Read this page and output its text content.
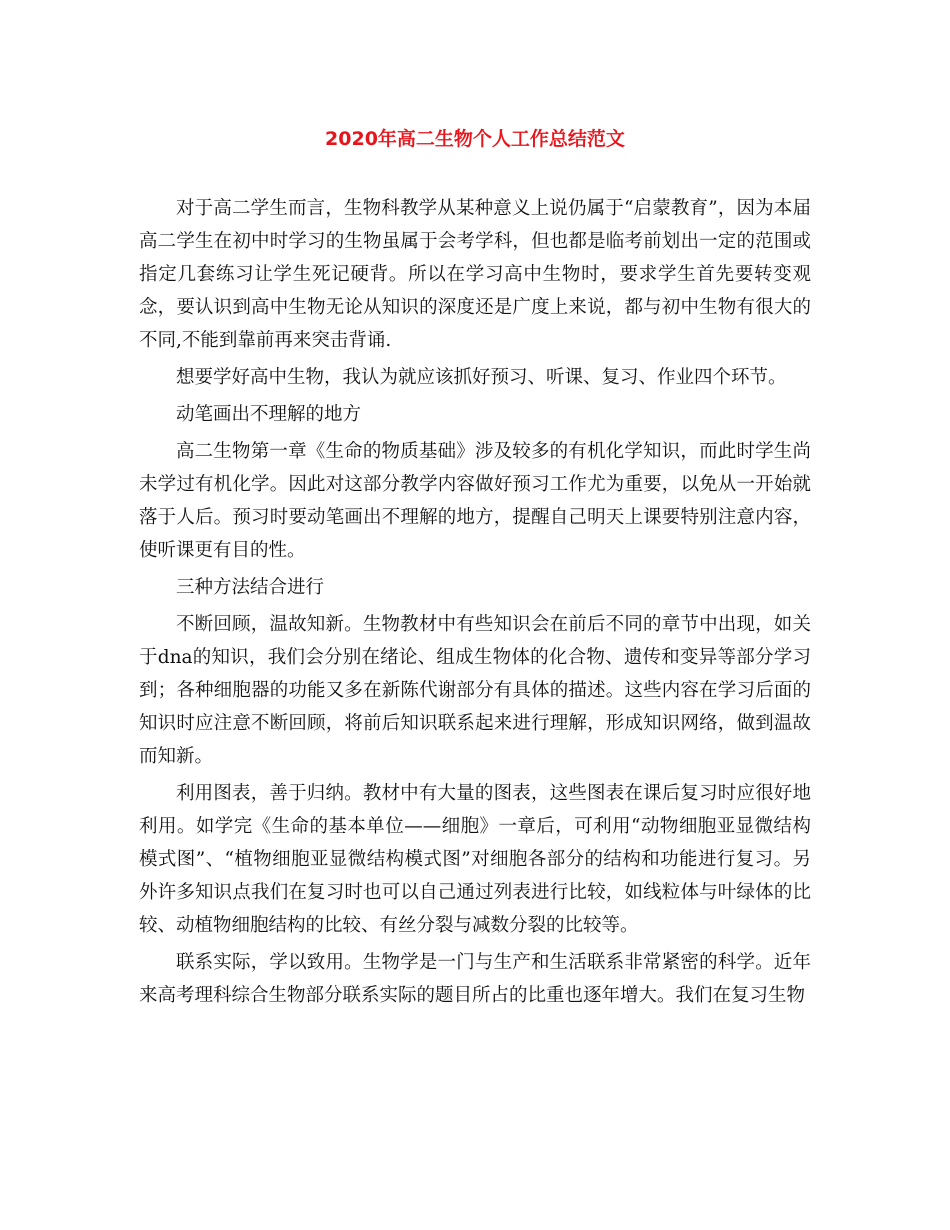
2020年高二生物个人工作总结范文

对于高二学生而言，生物科教学从某种意义上说仍属于“启蒙教育”，因为本届高二学生在初中时学习的生物虽属于会考学科，但也都是临考前划出一定的范围或指定几套练习让学生死记硬背。所以在学习高中生物时，要求学生首先要转变观念，要认识到高中生物无论从知识的深度还是广度上来说，都与初中生物有很大的不同,不能到靠前再来突击背诵.

想要学好高中生物，我认为就应该抓好预习、听课、复习、作业四个环节。

动笔画出不理解的地方

高二生物第一章《生命的物质基础》涉及较多的有机化学知识，而此时学生尚未学过有机化学。因此对这部分教学内容做好预习工作尤为重要，以免从一开始就落于人后。预习时要动笔画出不理解的地方，提醒自己明天上课要特别注意内容，使听课更有目的性。

三种方法结合进行

不断回顾，温故知新。生物教材中有些知识会在前后不同的章节中出现，如关于dna的知识，我们会分别在绪论、组成生物体的化合物、遗传和变异等部分学习到；各种细胞器的功能又多在新陈代谢部分有具体的描述。这些内容在学习后面的知识时应注意不断回顾，将前后知识联系起来进行理解，形成知识网络，做到温故而知新。

利用图表，善于归纳。教材中有大量的图表，这些图表在课后复习时应很好地利用。如学完《生命的基本单位——细胞》一章后，可利用“动物细胞亚显微结构模式图”、“植物细胞亚显微结构模式图”对细胞各部分的结构和功能进行复习。另外许多知识点我们在复习时也可以自己通过列表进行比较，如线粒体与叶绿体的比较、动植物细胞结构的比较、有丝分裂与减数分裂的比较等。

联系实际，学以致用。生物学是一门与生产和生活联系非常紧密的科学。近年来高考理科综合生物部分联系实际的题目所占的比重也逐年增大。我们在复习生物
